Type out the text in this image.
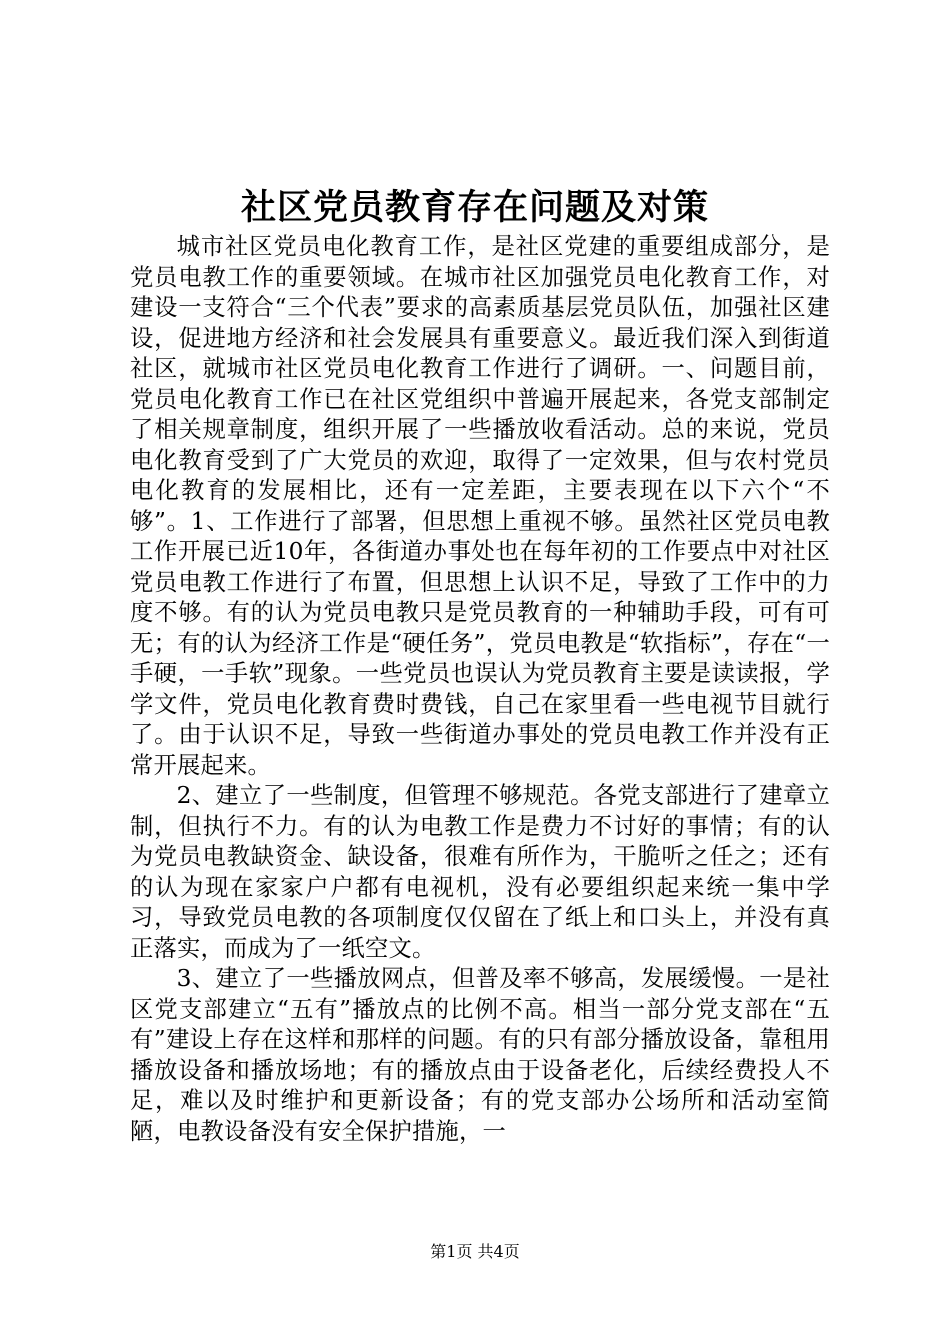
社区党员教育存在问题及对策

城市社区党员电化教育工作，是社区党建的重要组成部分，是党员电教工作的重要领域。在城市社区加强党员电化教育工作，对建设一支符合“三个代表”要求的高素质基层党员队伍，加强社区建设，促进地方经济和社会发展具有重要意义。最近我们深入到街道社区，就城市社区党员电化教育工作进行了调研。一、问题目前，党员电化教育工作已在社区党组织中普遍开展起来，各党支部制定了相关规章制度，组织开展了一些播放收看活动。总的来说，党员电化教育受到了广大党员的欢迎，取得了一定效果，但与农村党员电化教育的发展相比，还有一定差距，主要表现在以下六个“不够”。1、工作进行了部署，但思想上重视不够。虽然社区党员电教工作开展已近10年，各街道办事处也在每年初的工作要点中对社区党员电教工作进行了布置，但思想上认识不足，导致了工作中的力度不够。有的认为党员电教只是党员教育的一种辅助手段，可有可无；有的认为经济工作是“硬任务”，党员电教是“软指标”，存在“一手硬，一手软”现象。一些党员也误认为党员教育主要是读读报，学学文件，党员电化教育费时费钱，自己在家里看一些电视节目就行了。由于认识不足，导致一些街道办事处的党员电教工作并没有正常开展起来。

2、建立了一些制度，但管理不够规范。各党支部进行了建章立制，但执行不力。有的认为电教工作是费力不讨好的事情；有的认为党员电教缺资金、缺设备，很难有所作为，干脆听之任之；还有的认为现在家家户户都有电视机，没有必要组织起来统一集中学习，导致党员电教的各项制度仅仅留在了纸上和口头上，并没有真正落实，而成为了一纸空文。

3、建立了一些播放网点，但普及率不够高，发展缓慢。一是社区党支部建立“五有”播放点的比例不高。相当一部分党支部在“五有”建设上存在这样和那样的问题。有的只有部分播放设备，靠租用播放设备和播放场地；有的播放点由于设备老化，后续经费投人不足，难以及时维护和更新设备；有的党支部办公场所和活动室简陋，电教设备没有安全保护措施，一

第1页 共4页
